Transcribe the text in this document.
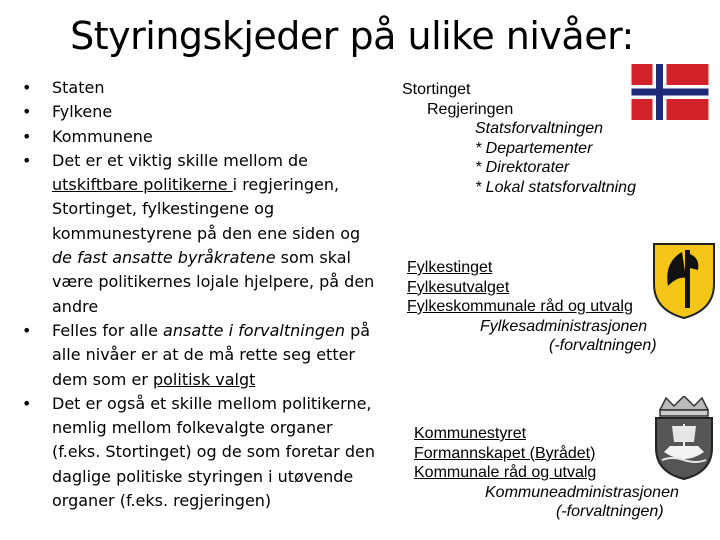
Styringskjeder på ulike nivåer:
• Staten
• Fylkene
• Kommunene
• Det er et viktig skille mellom de utskiftbare politikerne i regjeringen, Stortinget, fylkestingene og kommunestyrene på den ene siden og de fast ansatte byråkratene som skal være politikernes lojale hjelpere, på den andre
• Felles for alle ansatte i forvaltningen på alle nivåer er at de må rette seg etter dem som er politisk valgt
• Det er også et skille mellom politikerne, nemlig mellom folkevalgte organer (f.eks. Stortinget) og de som foretar den daglige politiske styringen i utøvende organer (f.eks. regjeringen)
Stortinget
Regjeringen
Statsforvaltningen
* Departementer
* Direktorater
* Lokal statsforvaltning
Fylkestinget
Fylkesutvalget
Fylkeskommunale råd og utvalg
Fylkesadministrasjonen
(-forvaltningen)
Kommunestyret
Formannskapet (Byrådet)
Kommunale råd og utvalg
Kommuneadministrasjonen
(-forvaltningen)
